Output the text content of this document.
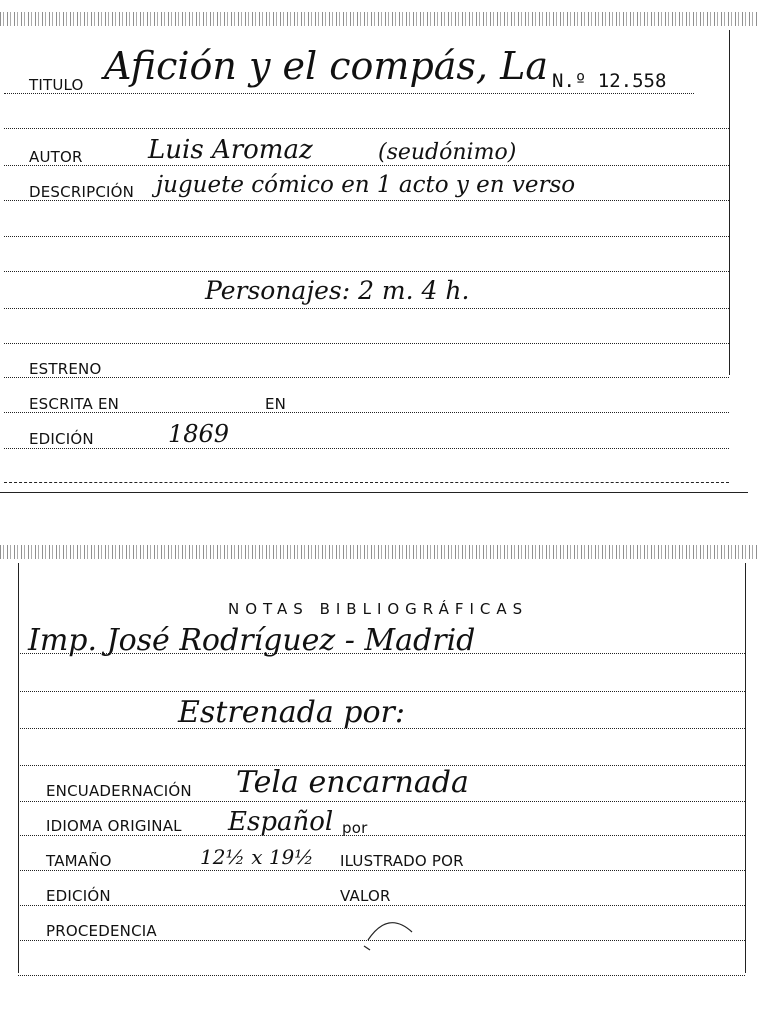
TITULO Afición y el compás, La N.º 12.558
AUTOR	Luis Aromaz	(seudónimo)
DESCRIPCIÓN juguete cómico en 1 acto y en verso
Personajes: 2 m. 4 h.
ESTRENO
ESCRITA EN	EN
EDICIÓN	1869
NOTAS BIBLIOGRÁFICAS
Imp. José Rodríguez - Madrid
Estrenada por:
ENCUADERNACIÓN Tela encarnada
IDIOMA ORIGINAL Español por
TAMAÑO	12½ x 19½ ILUSTRADO POR
EDICIÓN	VALOR
PROCEDENCIA
